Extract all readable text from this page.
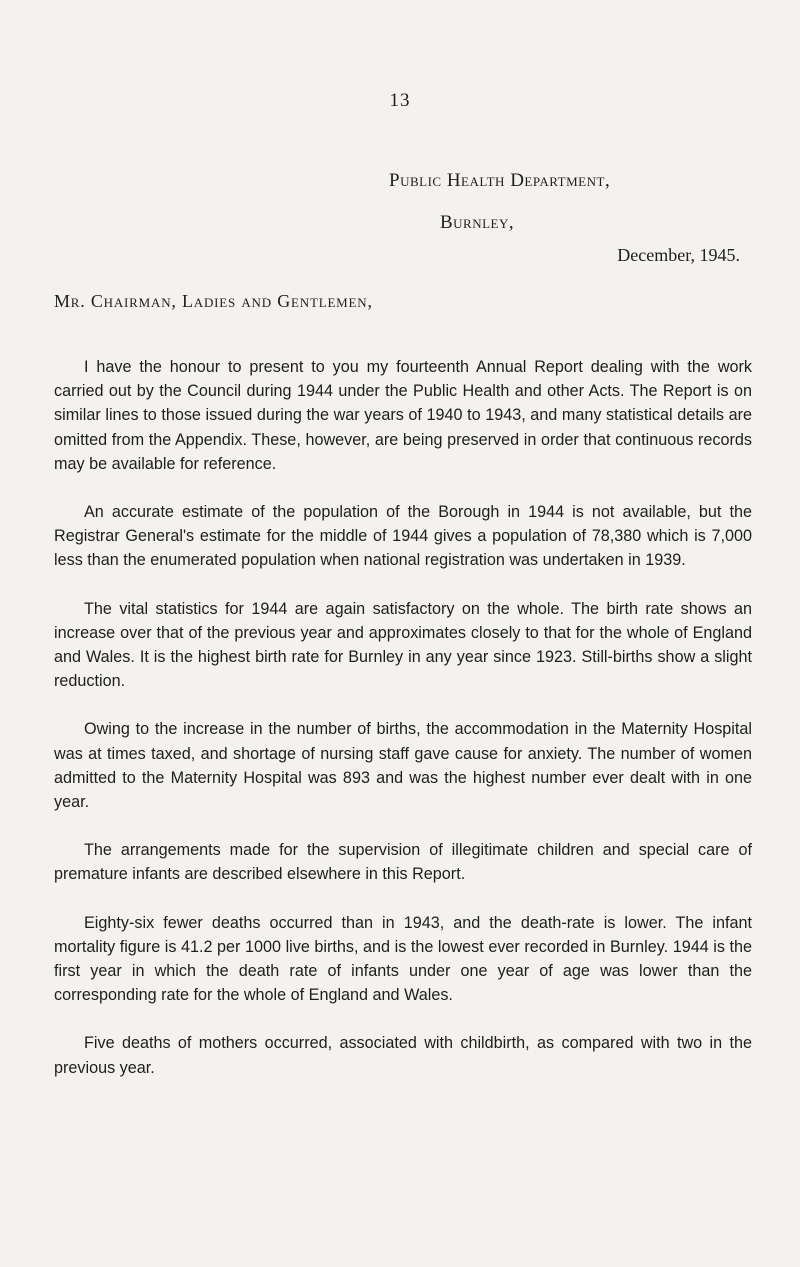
13
Public Health Department,
Burnley,
December, 1945.
Mr. Chairman, Ladies and Gentlemen,

I have the honour to present to you my fourteenth Annual Report dealing with the work carried out by the Council during 1944 under the Public Health and other Acts. The Report is on similar lines to those issued during the war years of 1940 to 1943, and many statistical details are omitted from the Appendix. These, however, are being preserved in order that continuous records may be available for reference.

An accurate estimate of the population of the Borough in 1944 is not available, but the Registrar General's estimate for the middle of 1944 gives a population of 78,380 which is 7,000 less than the enumerated population when national registration was undertaken in 1939.

The vital statistics for 1944 are again satisfactory on the whole. The birth rate shows an increase over that of the previous year and approximates closely to that for the whole of England and Wales. It is the highest birth rate for Burnley in any year since 1923. Still-births show a slight reduction.

Owing to the increase in the number of births, the accommodation in the Maternity Hospital was at times taxed, and shortage of nursing staff gave cause for anxiety. The number of women admitted to the Maternity Hospital was 893 and was the highest number ever dealt with in one year.

The arrangements made for the supervision of illegitimate children and special care of premature infants are described elsewhere in this Report.

Eighty-six fewer deaths occurred than in 1943, and the death-rate is lower. The infant mortality figure is 41.2 per 1000 live births, and is the lowest ever recorded in Burnley. 1944 is the first year in which the death rate of infants under one year of age was lower than the corresponding rate for the whole of England and Wales.

Five deaths of mothers occurred, associated with childbirth, as compared with two in the previous year.
